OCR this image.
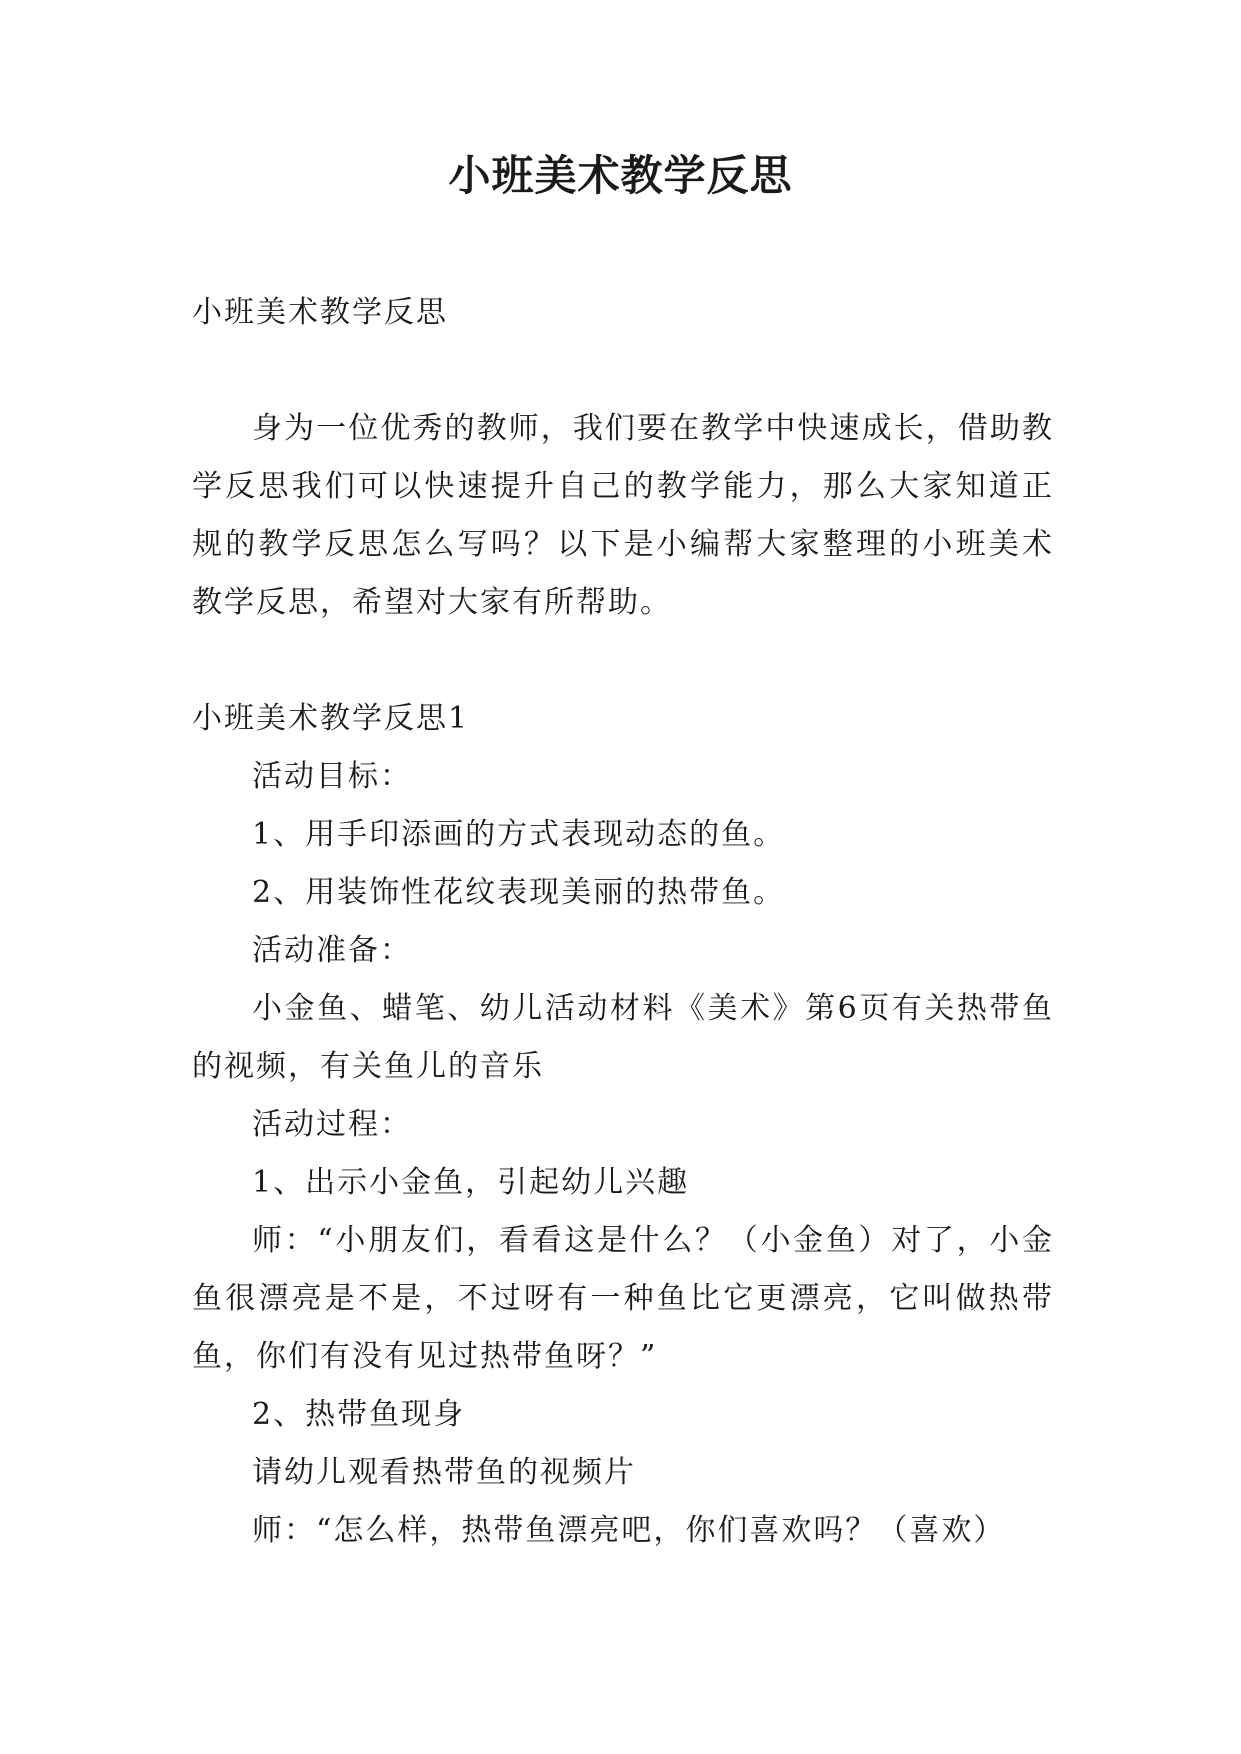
小班美术教学反思

小班美术教学反思

身为一位优秀的教师，我们要在教学中快速成长，借助教学反思我们可以快速提升自己的教学能力，那么大家知道正规的教学反思怎么写吗？以下是小编帮大家整理的小班美术教学反思，希望对大家有所帮助。

小班美术教学反思1

活动目标：

1、用手印添画的方式表现动态的鱼。

2、用装饰性花纹表现美丽的热带鱼。

活动准备：

小金鱼、蜡笔、幼儿活动材料《美术》第6页有关热带鱼的视频，有关鱼儿的音乐

活动过程：

1、出示小金鱼，引起幼儿兴趣

师：“小朋友们，看看这是什么？（小金鱼）对了，小金鱼很漂亮是不是，不过呀有一种鱼比它更漂亮，它叫做热带鱼，你们有没有见过热带鱼呀？”

2、热带鱼现身

请幼儿观看热带鱼的视频片

师：“怎么样，热带鱼漂亮吧，你们喜欢吗？（喜欢）
